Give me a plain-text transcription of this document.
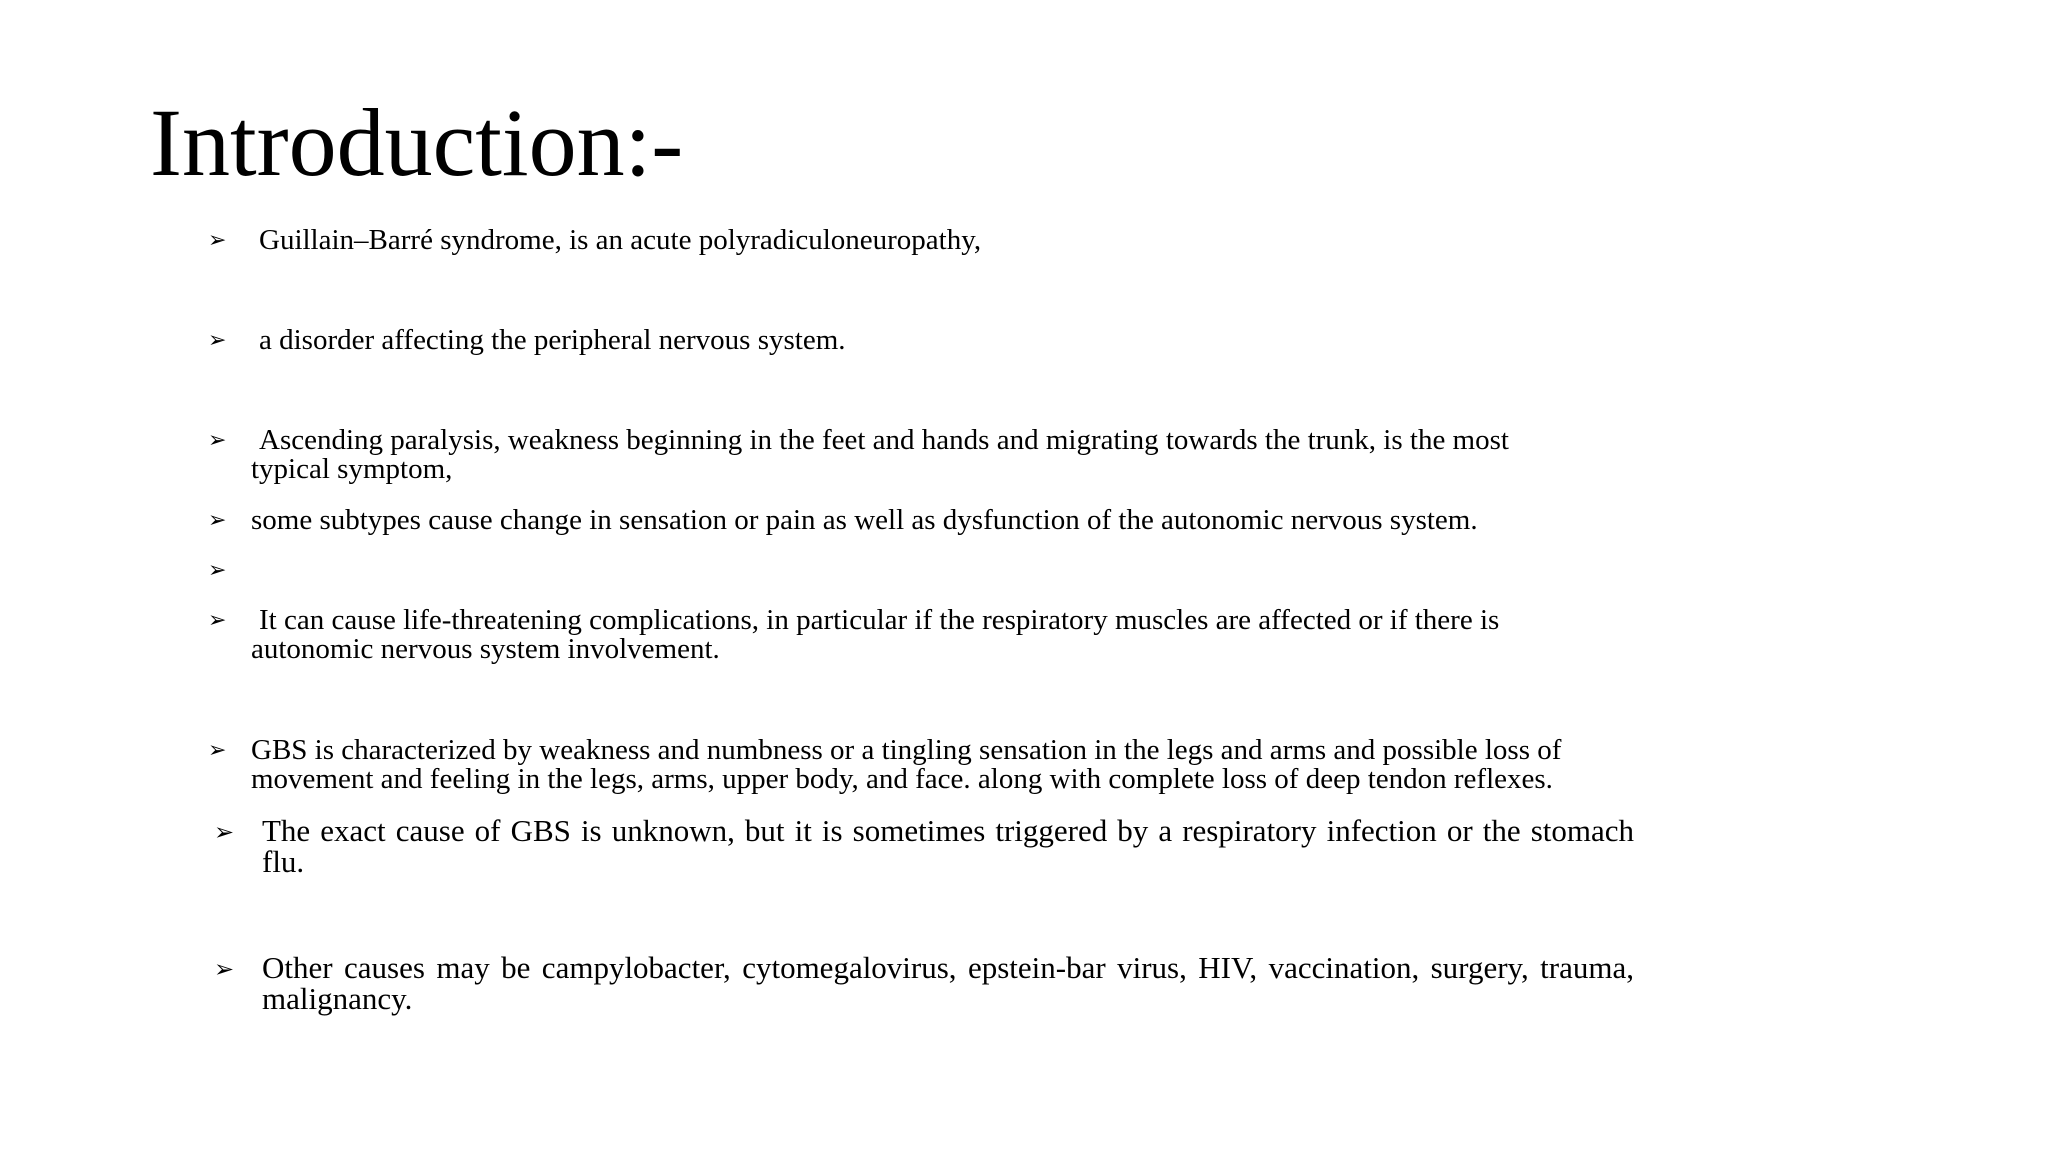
Introduction:-
➢ Guillain–Barré syndrome, is an acute polyradiculoneuropathy,
➢ a disorder affecting the peripheral nervous system.
➢ Ascending paralysis, weakness beginning in the feet and hands and migrating towards the trunk, is the most
typical symptom,
➢ some subtypes cause change in sensation or pain as well as dysfunction of the autonomic nervous system.
➢
➢ It can cause life-threatening complications, in particular if the respiratory muscles are affected or if there is
autonomic nervous system involvement.
➢ GBS is characterized by weakness and numbness or a tingling sensation in the legs and arms and possible loss of
movement and feeling in the legs, arms, upper body, and face. along with complete loss of deep tendon reflexes.
➢ The exact cause of GBS is unknown, but it is sometimes triggered by a respiratory infection or the stomach flu.
➢ Other causes may be campylobacter, cytomegalovirus, epstein-bar virus, HIV, vaccination, surgery, trauma, malignancy.
